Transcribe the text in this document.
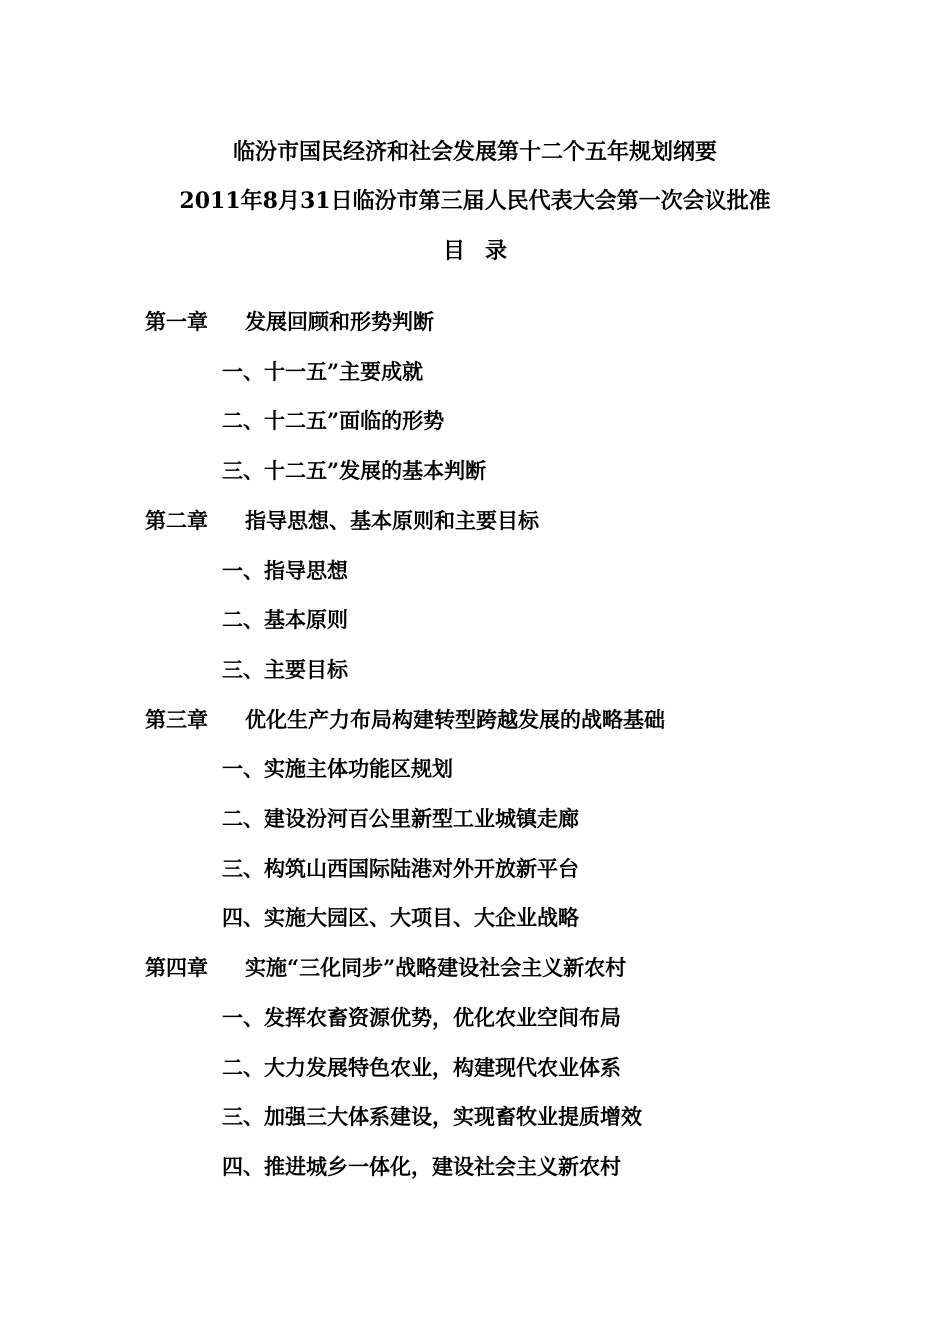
临汾市国民经济和社会发展第十二个五年规划纲要
2011年8月31日临汾市第三届人民代表大会第一次会议批准
目录
第一章 发展回顾和形势判断
一、十一五”主要成就
二、十二五”面临的形势
三、十二五”发展的基本判断
第二章 指导思想、基本原则和主要目标
一、指导思想
二、基本原则
三、主要目标
第三章 优化生产力布局构建转型跨越发展的战略基础
一、实施主体功能区规划
二、建设汾河百公里新型工业城镇走廊
三、构筑山西国际陆港对外开放新平台
四、实施大园区、大项目、大企业战略
第四章 实施“三化同步”战略建设社会主义新农村
一、发挥农畜资源优势，优化农业空间布局
二、大力发展特色农业，构建现代农业体系
三、加强三大体系建设，实现畜牧业提质增效
四、推进城乡一体化，建设社会主义新农村
